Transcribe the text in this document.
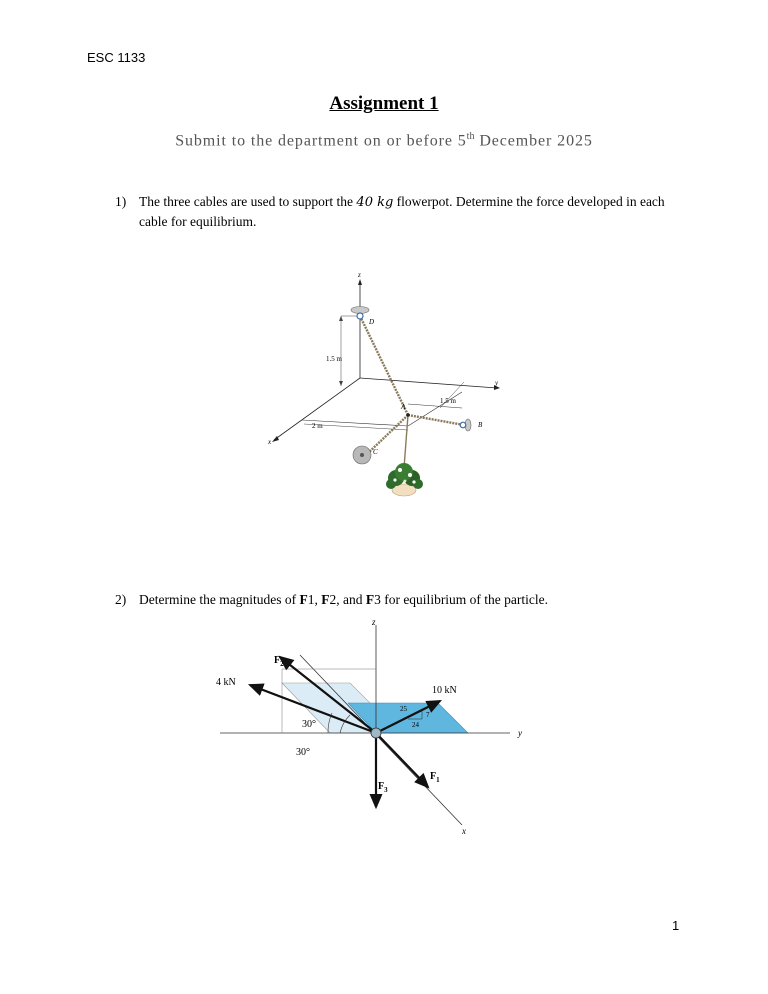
ESC 1133
Assignment 1
Submit to the department on or before 5th December 2025
1) The three cables are used to support the 40 kg flowerpot. Determine the force developed in each cable for equilibrium.
z
y
x
1.5 m
1.5 m
2 m
D
B
C
A
2) Determine the magnitudes of F1, F2, and F3 for equilibrium of the particle.
z
y
x
$F_2$
4 kN
10 kN
$F_1$
$F_3$
30°
30°
25
7
24
1
